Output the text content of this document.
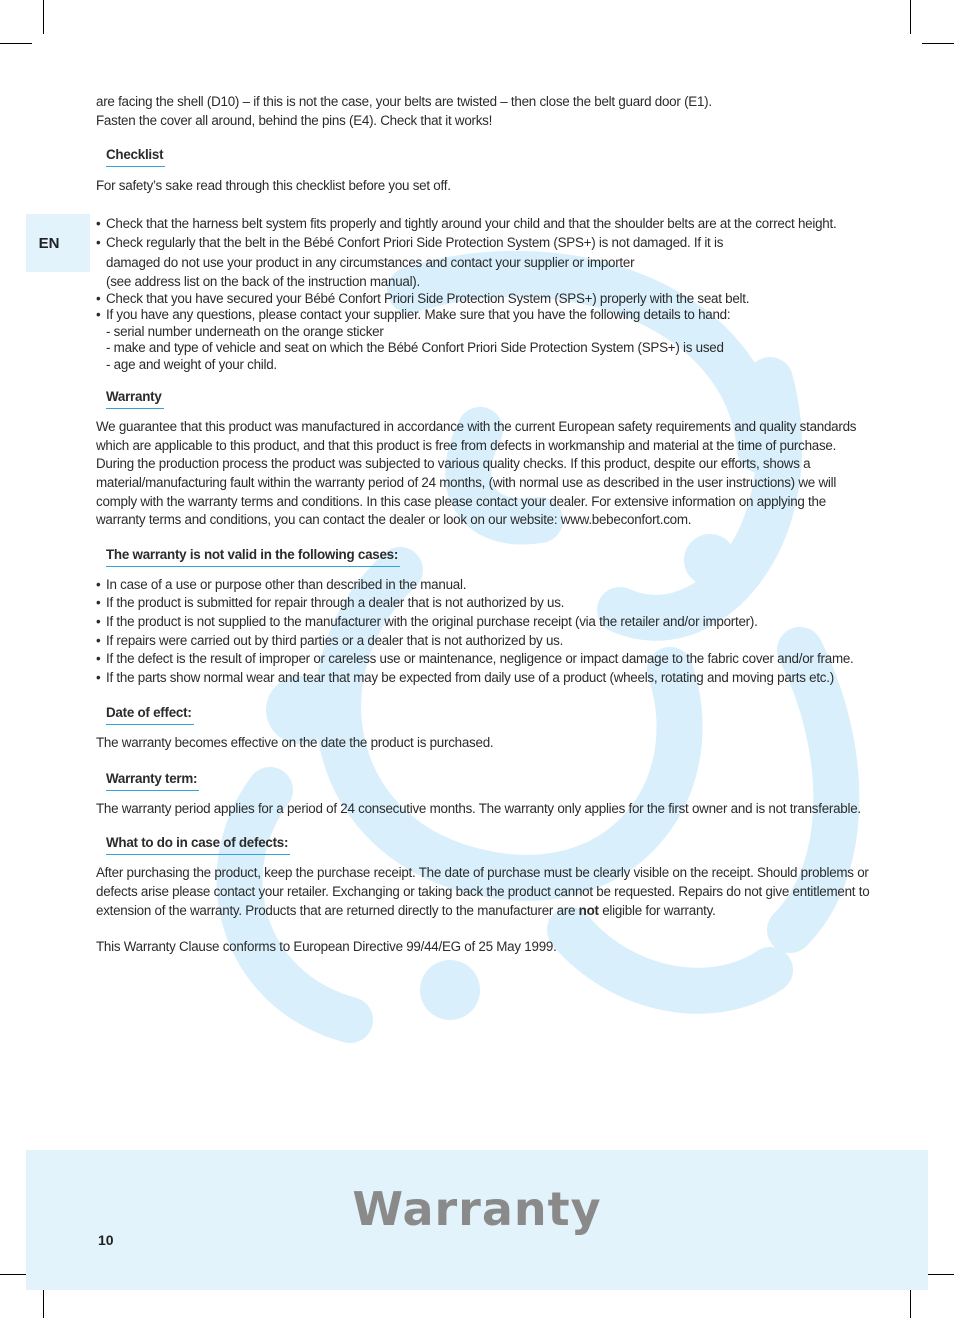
EN

are facing the shell (D10) – if this is not the case, your belts are twisted – then close the belt guard door (E1).

Fasten the cover all around, behind the pins (E4). Check that it works!

Checklist

For safety’s sake read through this checklist before you set off.

• Check that the harness belt system fits properly and tightly around your child and that the shoulder belts are at the correct height.
• Check regularly that the belt in the Bébé Confort Priori Side Protection System (SPS+) is not damaged. If it is
damaged do not use your product in any circumstances and contact your supplier or importer
(see address list on the back of the instruction manual).
• Check that you have secured your Bébé Confort Priori Side Protection System (SPS+) properly with the seat belt.
• If you have any questions, please contact your supplier. Make sure that you have the following details to hand:
- serial number underneath on the orange sticker
- make and type of vehicle and seat on which the Bébé Confort Priori Side Protection System (SPS+) is used
- age and weight of your child.
Warranty

We guarantee that this product was manufactured in accordance with the current European safety requirements and quality standards which are applicable to this product, and that this product is free from defects in workmanship and material at the time of purchase. During the production process the product was subjected to various quality checks. If this product, despite our efforts, shows a material/manufacturing fault within the warranty period of 24 months, (with normal use as described in the user instructions) we will comply with the warranty terms and conditions. In this case please contact your dealer. For extensive information on applying the warranty terms and conditions, you can contact the dealer or look on our website: www.bebeconfort.com.

The warranty is not valid in the following cases:
• In case of a use or purpose other than described in the manual.
• If the product is submitted for repair through a dealer that is not authorized by us.
• If the product is not supplied to the manufacturer with the original purchase receipt (via the retailer and/or importer).
• If repairs were carried out by third parties or a dealer that is not authorized by us.
• If the defect is the result of improper or careless use or maintenance, negligence or impact damage to the fabric cover and/or frame.
• If the parts show normal wear and tear that may be expected from daily use of a product (wheels, rotating and moving parts etc.)
Date of effect:

The warranty becomes effective on the date the product is purchased.

Warranty term:

The warranty period applies for a period of 24 consecutive months. The warranty only applies for the first owner and is not transferable.

What to do in case of defects:

After purchasing the product, keep the purchase receipt. The date of purchase must be clearly visible on the receipt. Should problems or defects arise please contact your retailer. Exchanging or taking back the product cannot be requested. Repairs do not give entitlement to extension of the warranty. Products that are returned directly to the manufacturer are not eligible for warranty.

This Warranty Clause conforms to European Directive 99/44/EG of 25 May 1999.

Warranty
10
